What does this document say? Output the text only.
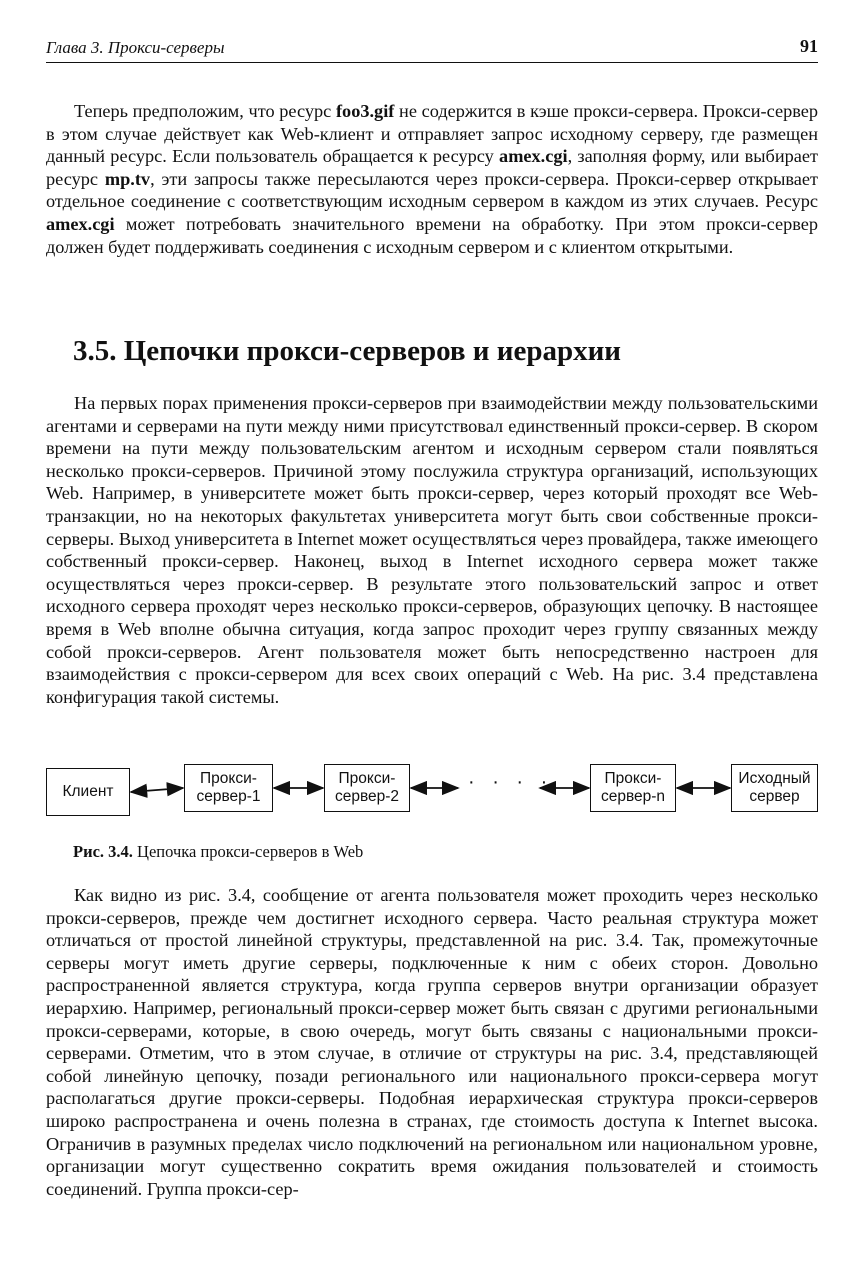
Глава 3. Прокси-серверы	91

Теперь предположим, что ресурс foo3.gif не содержится в кэше прокси-сервера. Прокси-сервер в этом случае действует как Web-клиент и отправляет запрос исходному серверу, где размещен данный ресурс. Если пользователь обращается к ресурсу amex.cgi, заполняя форму, или выбирает ресурс mp.tv, эти запросы также пересылаются через прокси-сервера. Прокси-сервер открывает отдельное соединение с соответствующим исходным сервером в каждом из этих случаев. Ресурс amex.cgi может потребовать значительного времени на обработку. При этом прокси-сервер должен будет поддерживать соединения с исходным сервером и с клиентом открытыми.

3.5. Цепочки прокси-серверов и иерархии

На первых порах применения прокси-серверов при взаимодействии между пользовательскими агентами и серверами на пути между ними присутствовал единственный прокси-сервер. В скором времени на пути между пользовательским агентом и исходным сервером стали появляться несколько прокси-серверов. Причиной этому послужила структура организаций, использующих Web. Например, в университете может быть прокси-сервер, через который проходят все Web-транзакции, но на некоторых факультетах университета могут быть свои собственные прокси-серверы. Выход университета в Internet может осуществляться через провайдера, также имеющего собственный прокси-сервер. Наконец, выход в Internet исходного сервера может также осуществляться через прокси-сервер. В результате этого пользовательский запрос и ответ исходного сервера проходят через несколько прокси-серверов, образующих цепочку. В настоящее время в Web вполне обычна ситуация, когда запрос проходит через группу связанных между собой прокси-серверов. Агент пользователя может быть непосредственно настроен для взаимодействия с прокси-сервером для всех своих операций с Web. На рис. 3.4 представлена конфигурация такой системы.

Клиент
Прокси-
сервер-1
Прокси-
сервер-2
· · · ·	Прокси-
сервер-n
Исходный
сервер
Рис. 3.4. Цепочка прокси-серверов в Web

Как видно из рис. 3.4, сообщение от агента пользователя может проходить через несколько прокси-серверов, прежде чем достигнет исходного сервера. Часто реальная структура может отличаться от простой линейной структуры, представленной на рис. 3.4. Так, промежуточные серверы могут иметь другие серверы, подключенные к ним с обеих сторон. Довольно распространенной является структура, когда группа серверов внутри организации образует иерархию. Например, региональный прокси-сервер может быть связан с другими региональными прокси-серверами, которые, в свою очередь, могут быть связаны с национальными прокси-серверами. Отметим, что в этом случае, в отличие от структуры на рис. 3.4, представляющей собой линейную цепочку, позади регионального или национального прокси-сервера могут располагаться другие прокси-серверы. Подобная иерархическая структура прокси-серверов широко распространена и очень полезна в странах, где стоимость доступа к Internet высока. Ограничив в разумных пределах число подключений на региональном или национальном уровне, организации могут существенно сократить время ожидания пользователей и стоимость соединений. Группа прокси-сер-
